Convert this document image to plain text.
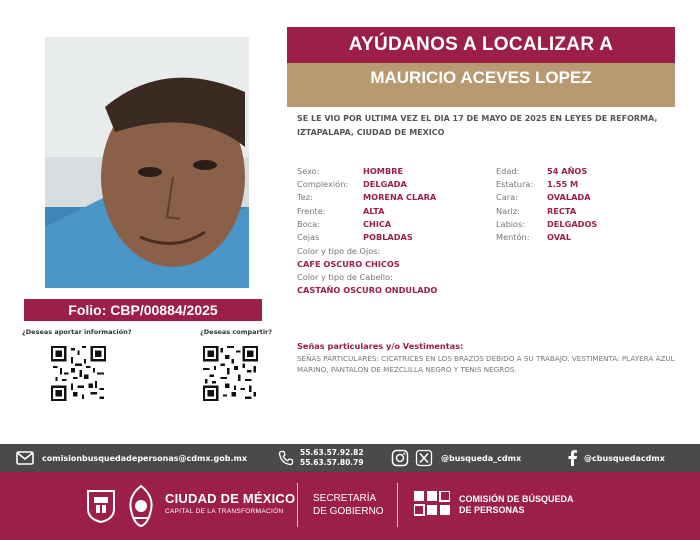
Folio: CBP/00884/2025
¿Deseas aportar información?	¿Deseas compartir?
AYÚDANOS A LOCALIZAR A
MAURICIO ACEVES LOPEZ
SE LE VIO POR ULTIMA VEZ EL DIA 17 DE MAYO DE 2025 EN LEYES DE REFORMA, IZTAPALAPA, CIUDAD DE MEXICO
Sexo:	HOMBRE
Complexión: DELGADA
Tez:	MORENA CLARA
Frente:	ALTA
Boca:	CHICA
Cejas	POBLADAS
Edad:	54 AÑOS
Estatura: 1.55 M
Cara:	OVALADA
Nariz:	RECTA
Labios:	DELGADOS
Mentón: OVAL
Color y tipo de Ojos:
CAFE OSCURO CHICOS
Color y tipo de Cabello:
CASTAÑO OSCURO ONDULADO
Señas particulares y/o Vestimentas:
SEÑAS PARTICULARES: CICATRICES EN LOS BRAZOS DEBIDO A SU TRABAJO. VESTIMENTA: PLAYERA AZUL MARINO, PANTALON DE MEZCLILLA NEGRO Y TENIS NEGROS.
comisionbusquedadepersonas@cdmx.gob.mx
55.63.57.92.82
55.63.57.80.79	@busqueda_cdmx	@cbusquedacdmx
CIUDAD DE MÉXICO
CAPITAL DE LA TRANSFORMACIÓN
SECRETARÍA
DE GOBIERNO
COMISIÓN DE BÚSQUEDA
DE PERSONAS
